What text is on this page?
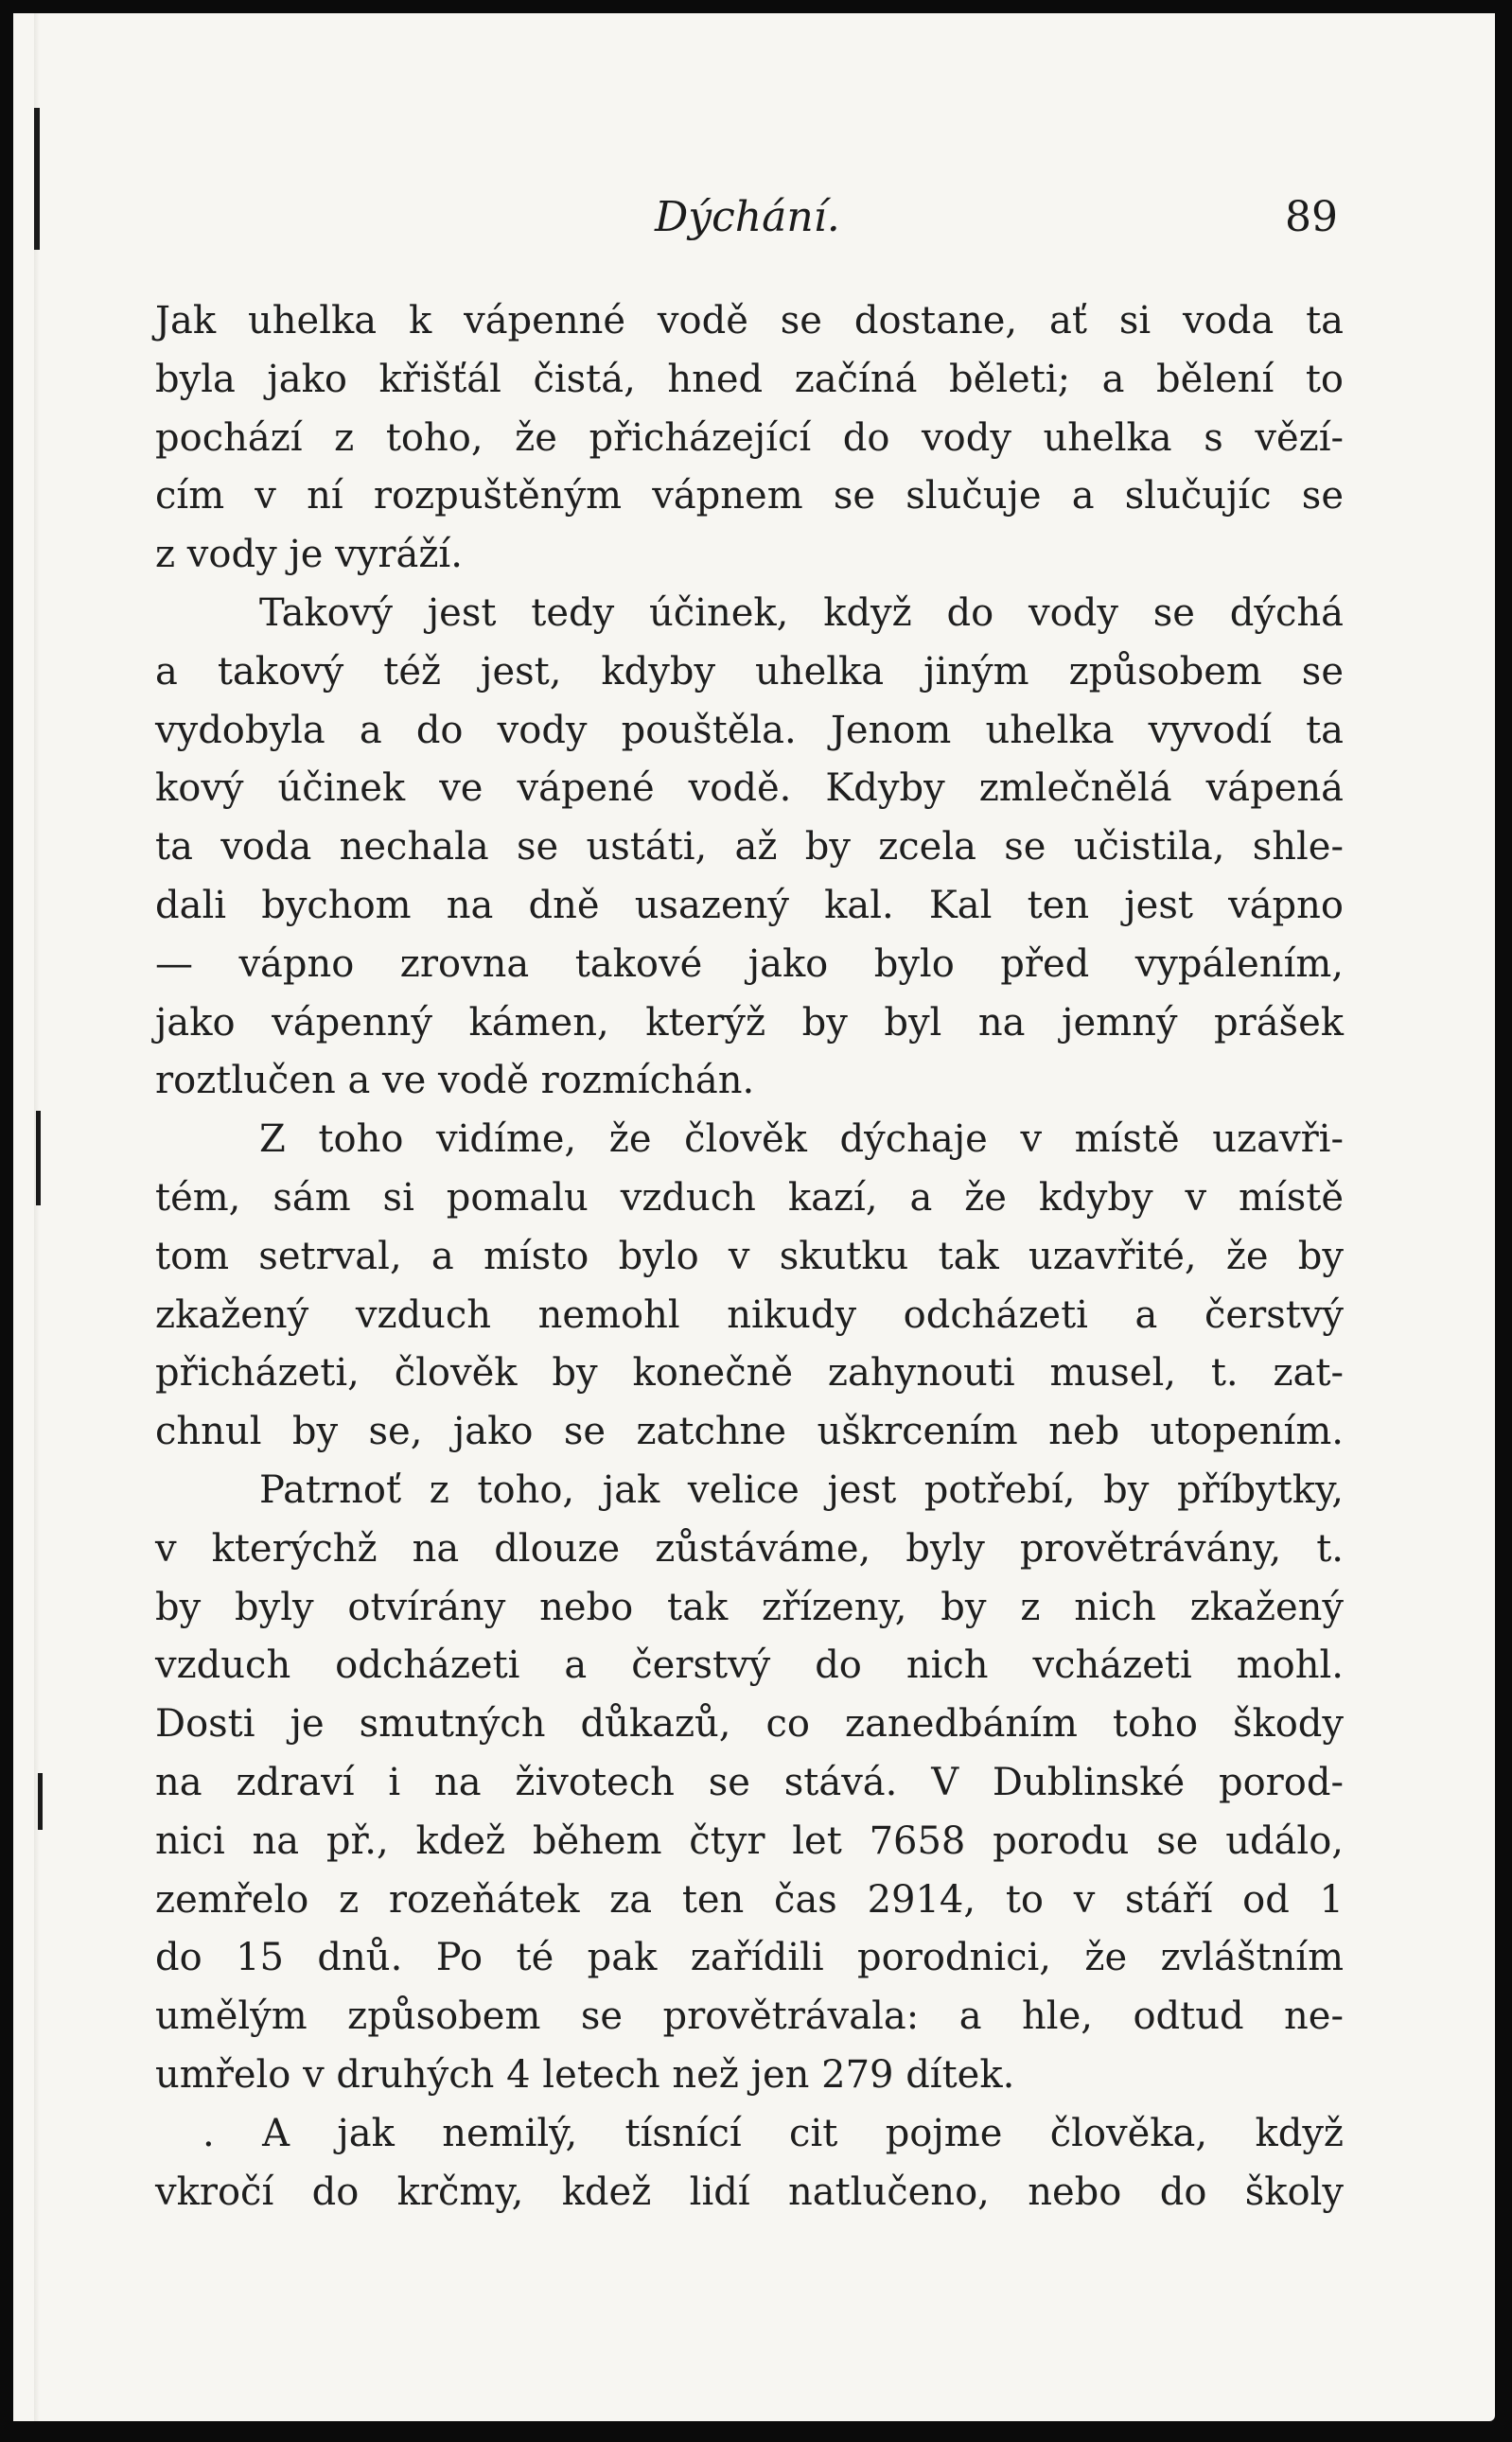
Dýchání.	89
Jak uhelka k vápenné vodě se dostane, ať si voda ta
byla jako křišťál čistá, hned začíná běleti; a bělení to
pochází z toho, že přicházející do vody uhelka s vězí-
cím v ní rozpuštěným vápnem se slučuje a slučujíc se
z vody je vyráží.
Takový jest tedy účinek, když do vody se dýchá
a takový též jest, kdyby uhelka jiným způsobem se
vydobyla a do vody pouštěla. Jenom uhelka vyvodí ta
kový účinek ve vápené vodě. Kdyby zmlečnělá vápená
ta voda nechala se ustáti, až by zcela se učistila, shle-
dali bychom na dně usazený kal. Kal ten jest vápno
— vápno zrovna takové jako bylo před vypálením,
jako vápenný kámen, kterýž by byl na jemný prášek
roztlučen a ve vodě rozmíchán.
Z toho vidíme, že člověk dýchaje v místě uzavři-
tém, sám si pomalu vzduch kazí, a že kdyby v místě
tom setrval, a místo bylo v skutku tak uzavřité, že by
zkažený vzduch nemohl nikudy odcházeti a čerstvý
přicházeti, člověk by konečně zahynouti musel, t. zat-
chnul by se, jako se zatchne uškrcením neb utopením.
Patrnoť z toho, jak velice jest potřebí, by příbytky,
v kterýchž na dlouze zůstáváme, byly provětrávány, t.
by byly otvírány nebo tak zřízeny, by z nich zkažený
vzduch odcházeti a čerstvý do nich vcházeti mohl.
Dosti je smutných důkazů, co zanedbáním toho škody
na zdraví i na životech se stává. V Dublinské porod-
nici na př., kdež během čtyr let 7658 porodu se událo,
zemřelo z rozeňátek za ten čas 2914, to v stáří od 1
do 15 dnů. Po té pak zařídili porodnici, že zvláštním
umělým způsobem se provětrávala: a hle, odtud ne-
umřelo v druhých 4 letech než jen 279 dítek.
. A jak nemilý, tísnící cit pojme člověka, když
vkročí do krčmy, kdež lidí natlučeno, nebo do školy
